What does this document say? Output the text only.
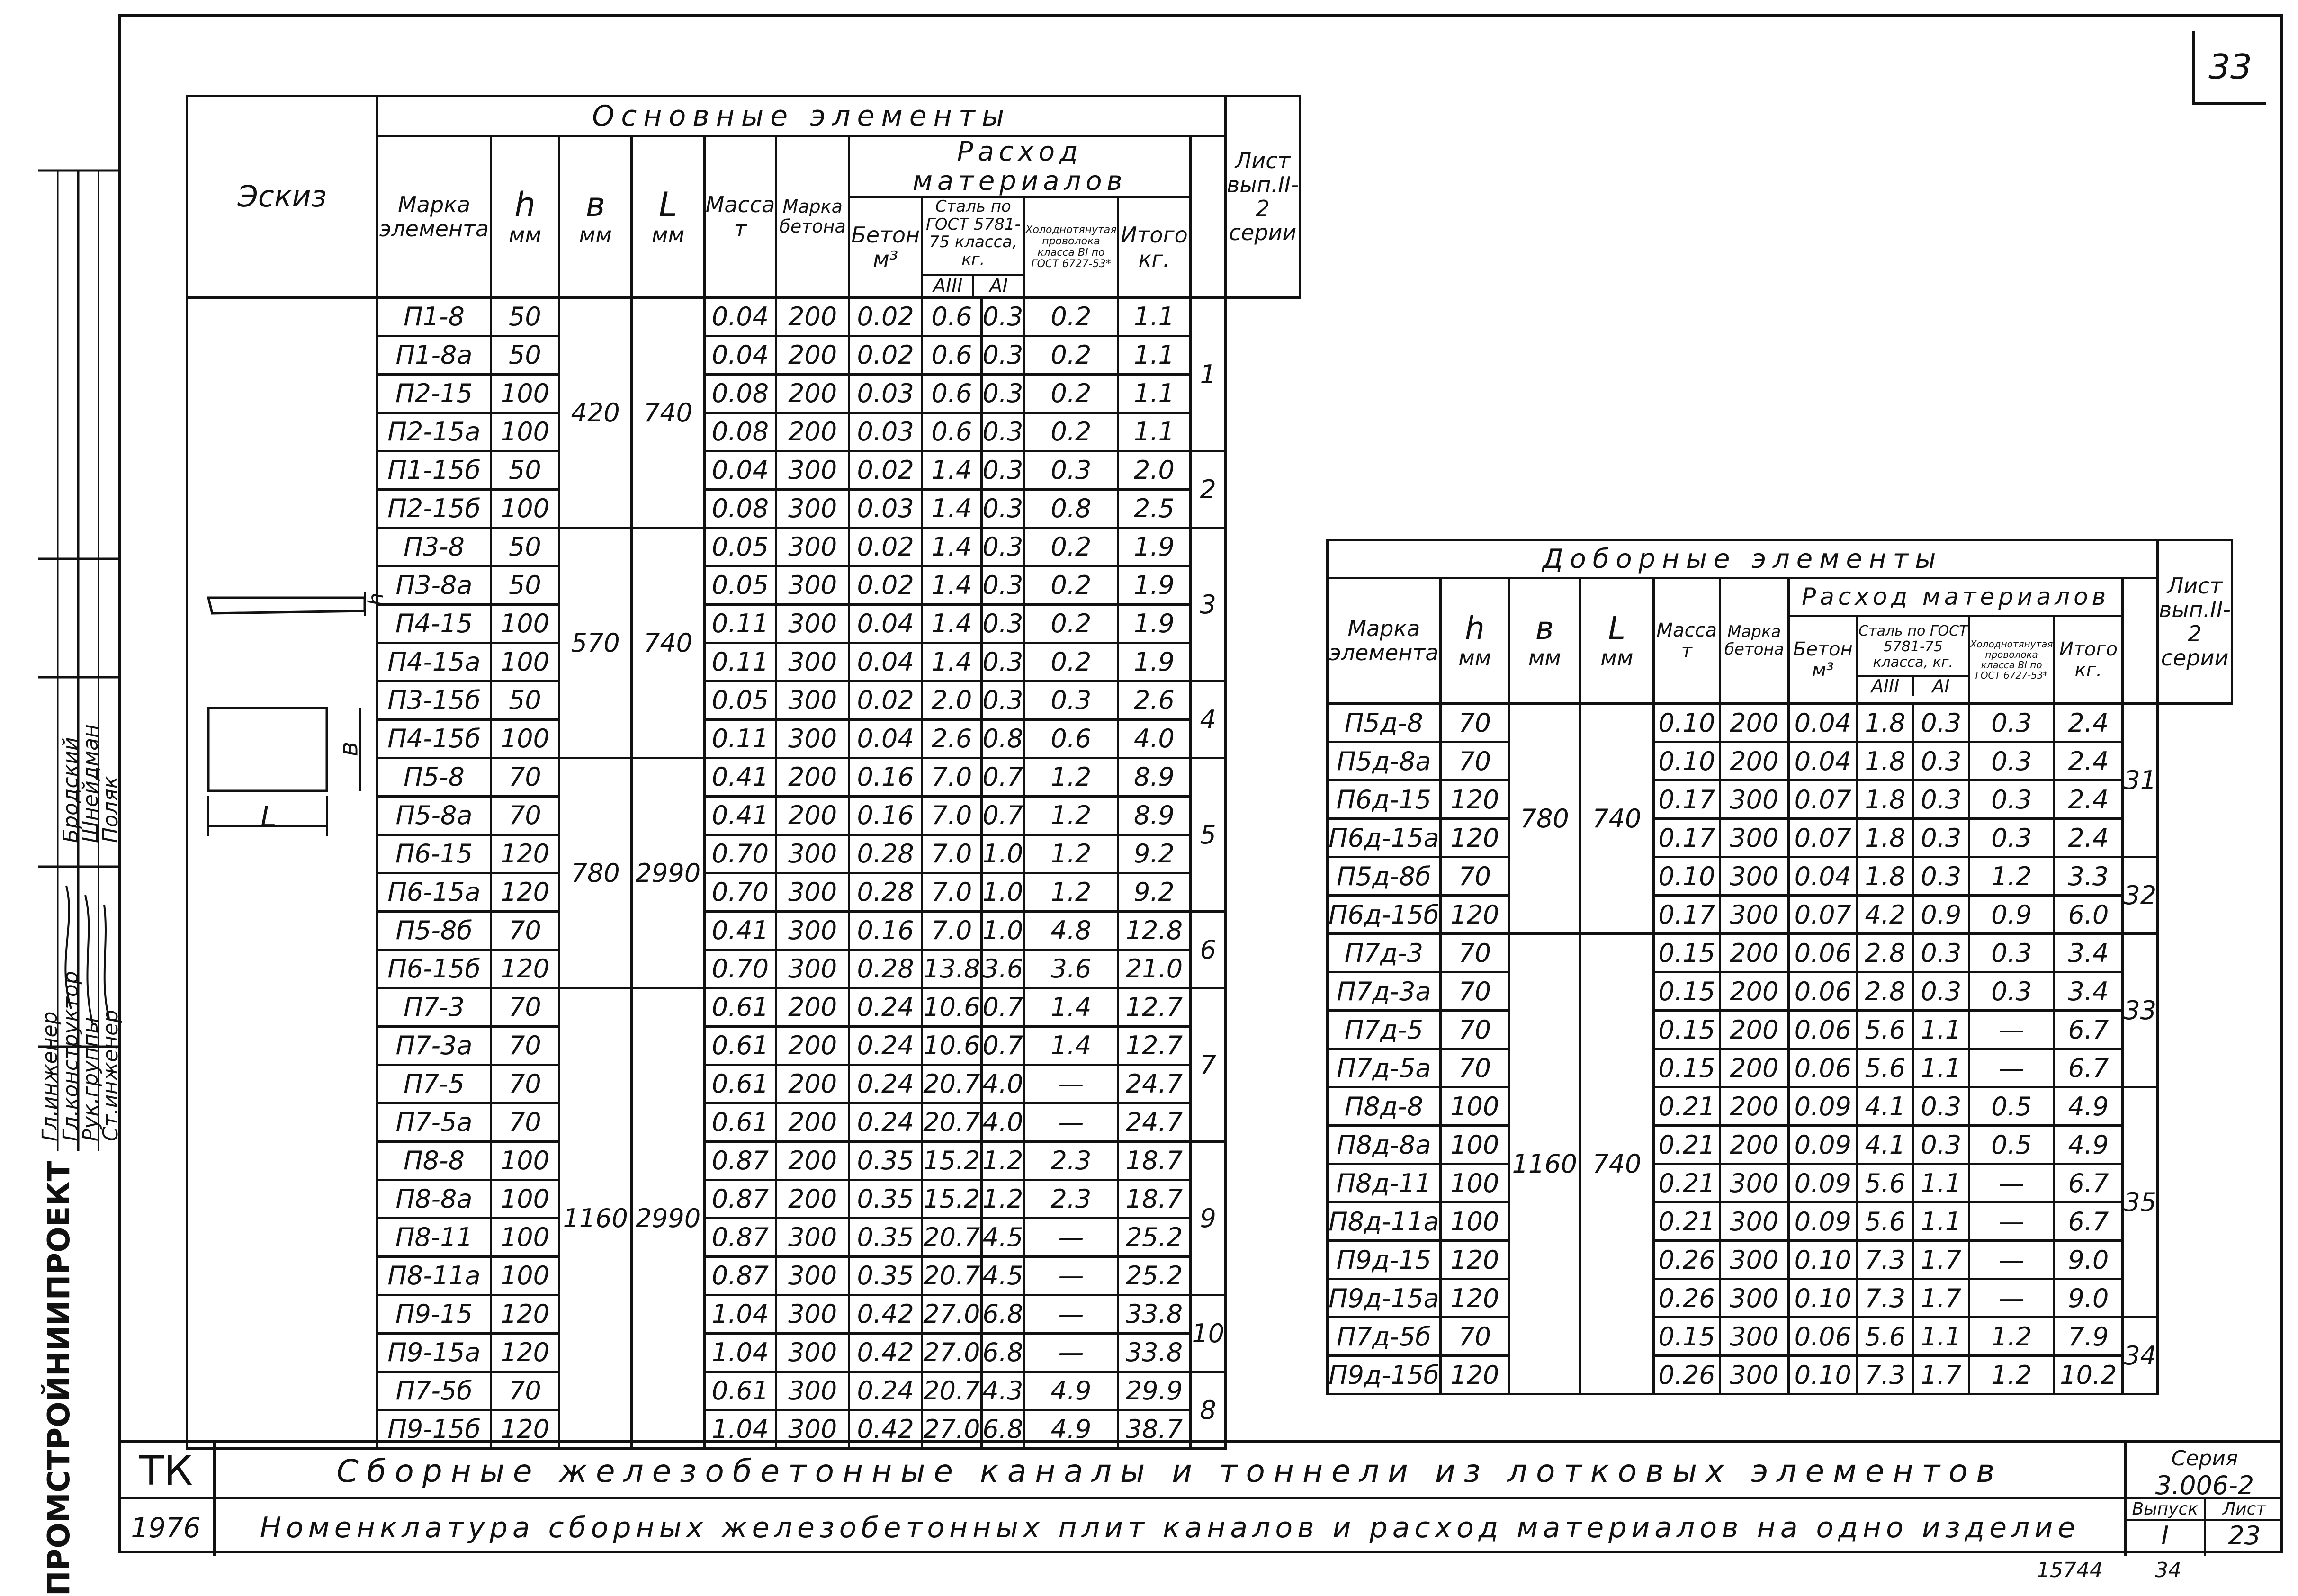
33
Гл.инженер
Гл.конструктор
Рук.группы
Ст.инженер
Бродский
Шнейдман
Поляк
ПРОМСТРОЙНИИПРОЕКТ
Эскиз	Основные элементы												Лист вып.II-2 серии
	Марка элемента	h
мм	в
мм	L
мм	Масса т	Марка бетона	Расход материалов						
							Бетон м³	Сталь по ГОСТ 5781-75 класса, кг.
АIII АI		Холоднотянутая проволока класса ВI по ГОСТ 6727-53*	Итого кг.		
	П1-8	50	420	740	0.04	200	0.02	0.6	0.3	0.2	1.1	1	
	П1-8а	50			0.04	200	0.02	0.6	0.3	0.2	1.1		
	П2-15	100			0.08	200	0.03	0.6	0.3	0.2	1.1		
	П2-15а	100			0.08	200	0.03	0.6	0.3	0.2	1.1		
	П1-15б	50			0.04	300	0.02	1.4	0.3	0.3	2.0	2	
	П2-15б	100			0.08	300	0.03	1.4	0.3	0.8	2.5		
	П3-8	50	570	740	0.05	300	0.02	1.4	0.3	0.2	1.9	3	
	П3-8а	50			0.05	300	0.02	1.4	0.3	0.2	1.9		
	П4-15	100			0.11	300	0.04	1.4	0.3	0.2	1.9		
	П4-15а	100			0.11	300	0.04	1.4	0.3	0.2	1.9		
	П3-15б	50			0.05	300	0.02	2.0	0.3	0.3	2.6	4	
	П4-15б	100			0.11	300	0.04	2.6	0.8	0.6	4.0		
	П5-8	70	780	2990	0.41	200	0.16	7.0	0.7	1.2	8.9	5	
	П5-8а	70			0.41	200	0.16	7.0	0.7	1.2	8.9		
	П6-15	120			0.70	300	0.28	7.0	1.0	1.2	9.2		
	П6-15а	120			0.70	300	0.28	7.0	1.0	1.2	9.2		
	П5-8б	70			0.41	300	0.16	7.0	1.0	4.8	12.8	6	
	П6-15б	120			0.70	300	0.28	13.8	3.6	3.6	21.0		
	П7-3	70	1160	2990	0.61	200	0.24	10.6	0.7	1.4	12.7	7	
	П7-3а	70			0.61	200	0.24	10.6	0.7	1.4	12.7		
	П7-5	70			0.61	200	0.24	20.7	4.0	—	24.7		
	П7-5а	70			0.61	200	0.24	20.7	4.0	—	24.7		
	П8-8	100			0.87	200	0.35	15.2	1.2	2.3	18.7	9	
	П8-8а	100			0.87	200	0.35	15.2	1.2	2.3	18.7		
	П8-11	100			0.87	300	0.35	20.7	4.5	—	25.2		
	П8-11а	100			0.87	300	0.35	20.7	4.5	—	25.2		
	П9-15	120			1.04	300	0.42	27.0	6.8	—	33.8	10	
	П9-15а	120			1.04	300	0.42	27.0	6.8	—	33.8		
	П7-5б	70			0.61	300	0.24	20.7	4.3	4.9	29.9	8	
	П9-15б	120			1.04	300	0.42	27.0	6.8	4.9	38.7		
h
в
L
Доборные элементы												Лист вып.II-2 серии
Марка элемента	h
мм	в
мм	L
мм	Масса т	Марка бетона	Расход материалов						
						Бетон м³	Сталь по ГОСТ 5781-75 класса, кг.
АIII АI		Холоднотянутая проволока класса ВI по ГОСТ 6727-53*	Итого кг.		
П5д-8	70	780	740	0.10	200	0.04	1.8	0.3	0.3	2.4	31	
П5д-8а	70			0.10	200	0.04	1.8	0.3	0.3	2.4		
П6д-15	120			0.17	300	0.07	1.8	0.3	0.3	2.4		
П6д-15а	120			0.17	300	0.07	1.8	0.3	0.3	2.4		
П5д-8б	70			0.10	300	0.04	1.8	0.3	1.2	3.3	32	
П6д-15б	120			0.17	300	0.07	4.2	0.9	0.9	6.0		
П7д-3	70	1160	740	0.15	200	0.06	2.8	0.3	0.3	3.4	33	
П7д-3а	70			0.15	200	0.06	2.8	0.3	0.3	3.4		
П7д-5	70			0.15	200	0.06	5.6	1.1	—	6.7		
П7д-5а	70			0.15	200	0.06	5.6	1.1	—	6.7		
П8д-8	100			0.21	200	0.09	4.1	0.3	0.5	4.9	35	
П8д-8а	100			0.21	200	0.09	4.1	0.3	0.5	4.9		
П8д-11	100			0.21	300	0.09	5.6	1.1	—	6.7		
П8д-11а	100			0.21	300	0.09	5.6	1.1	—	6.7		
П9д-15	120			0.26	300	0.10	7.3	1.7	—	9.0		
П9д-15а	120			0.26	300	0.10	7.3	1.7	—	9.0		
П7д-5б	70			0.15	300	0.06	5.6	1.1	1.2	7.9	34	
П9д-15б	120			0.26	300	0.10	7.3	1.7	1.2	10.2		
ТК	Сборные железобетонные каналы и тоннели из лотковых элементов	Серия
3.006-2
1976	Номенклатура сборных железобетонных плит каналов и расход материалов на одно изделие
Выпуск
I
Лист
23
15744	34
